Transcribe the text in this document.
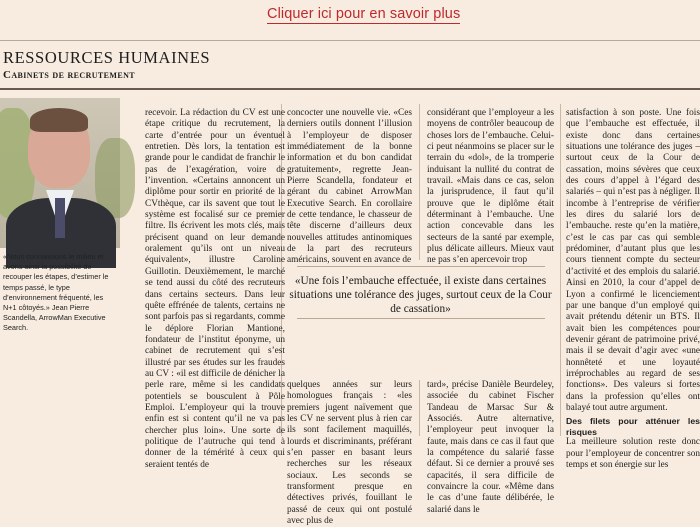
Cliquer ici pour en savoir plus
RESSOURCES HUMAINES
Cabinets de recrutement
«Nous connaissons le milieu et avons ainsi la possibilité de recouper les étapes, d’estimer le temps passé, le type d’environnement fréquenté, les N+1 côtoyés.» Jean Pierre Scandella, ArrowMan Executive Search.

recevoir. La rédaction du CV est une étape critique du recrutement, la carte d’entrée pour un éventuel entretien. Dès lors, la tentation est grande pour le candidat de franchir le pas de l’exagération, voire de l’invention. «Certains annoncent un diplôme pour sortir en priorité de la CVthèque, car ils savent que tout le système est focalisé sur ce premier filtre. Ils écrivent les mots clés, mais précisent quand on leur demande oralement qu’ils ont un niveau équivalent», illustre Caroline Guillotin. Deuxièmement, le marché se tend aussi du côté des recruteurs dans certains secteurs. Dans leur quête effrénée de talents, certains ne sont parfois pas si regardants, comme le déplore Florian Mantione, fondateur de l’institut éponyme, un cabinet de recrutement qui s’est illustré par ses études sur les fraudes au CV : «il est difficile de dénicher la perle rare, même si les candidats potentiels se bousculent à Pôle Emploi. L’employeur qui la trouve enfin est si content qu’il ne va pas chercher plus loin». Une sorte de politique de l’autruche qui tend à donner de la témérité à ceux qui seraient tentés de

concocter une nouvelle vie. «Ces derniers outils donnent l’illusion à l’employeur de disposer immédiatement de la bonne information et du bon candidat gratuitement», regrette Jean-Pierre Scandella, fondateur et gérant du cabinet ArrowMan Executive Search. En corollaire de cette tendance, le chasseur de tête discerne d’ailleurs deux nouvelles attitudes antinomiques de la part des recruteurs américains, souvent en avance de

considérant que l’employeur a les moyens de contrôler beaucoup de choses lors de l’embauche. Celui-ci peut néanmoins se placer sur le terrain du «dol», de la tromperie induisant la nullité du contrat de travail. «Mais dans ce cas, selon la jurisprudence, il faut qu’il prouve que le diplôme était déterminant à l’embauche. Une action concevable dans les secteurs de la santé par exemple, plus délicate ailleurs. Mieux vaut ne pas s’en apercevoir trop

«Une fois l’embauche effectuée, il existe dans certaines situations une tolérance des juges, surtout ceux de la Cour de cassation»

quelques années sur leurs homologues français : «les premiers jugent naïvement que les CV ne servent plus à rien car ils sont facilement maquillés, lourds et discriminants, préférant s’en passer en basant leurs recherches sur les réseaux sociaux. Les seconds se transforment presque en détectives privés, fouillant le passé de ceux qui ont postulé avec plus de

tard», précise Danièle Beurdeley, associée du cabinet Fischer Tandeau de Marsac Sur & Associés. Autre alternative, l’employeur peut invoquer la faute, mais dans ce cas il faut que la compétence du salarié fasse défaut. Si ce dernier a prouvé ses capacités, il sera difficile de convaincre la cour. «Même dans le cas d’une faute délibérée, le salarié dans le

satisfaction à son poste. Une fois que l’embauche est effectuée, il existe donc dans certaines situations une tolérance des juges – surtout ceux de la Cour de cassation, moins sévères que ceux des cours d’appel à l’égard des salariés – qui n’est pas à négliger. Il incombe à l’entreprise de vérifier les dires du salarié lors de l’embauche. reste qu’en la matière, c’est le cas par cas qui semble prédominer, d’autant plus que les cours tiennent compte du secteur d’activité et des emplois du salarié. Ainsi en 2010, la cour d’appel de Lyon a confirmé le licenciement par une banque d’un employé qui avait prétendu détenir un BTS. Il avait bien les compétences pour devenir gérant de patrimoine privé, mais il se devait d’agir avec «une honnêteté et une loyauté irréprochables au regard de ses fonctions». Des valeurs si fortes dans la profession qu’elles ont balayé tout autre argument.

Des filets pour atténuer les risques

La meilleure solution reste donc pour l’employeur de concentrer son temps et son énergie sur les
